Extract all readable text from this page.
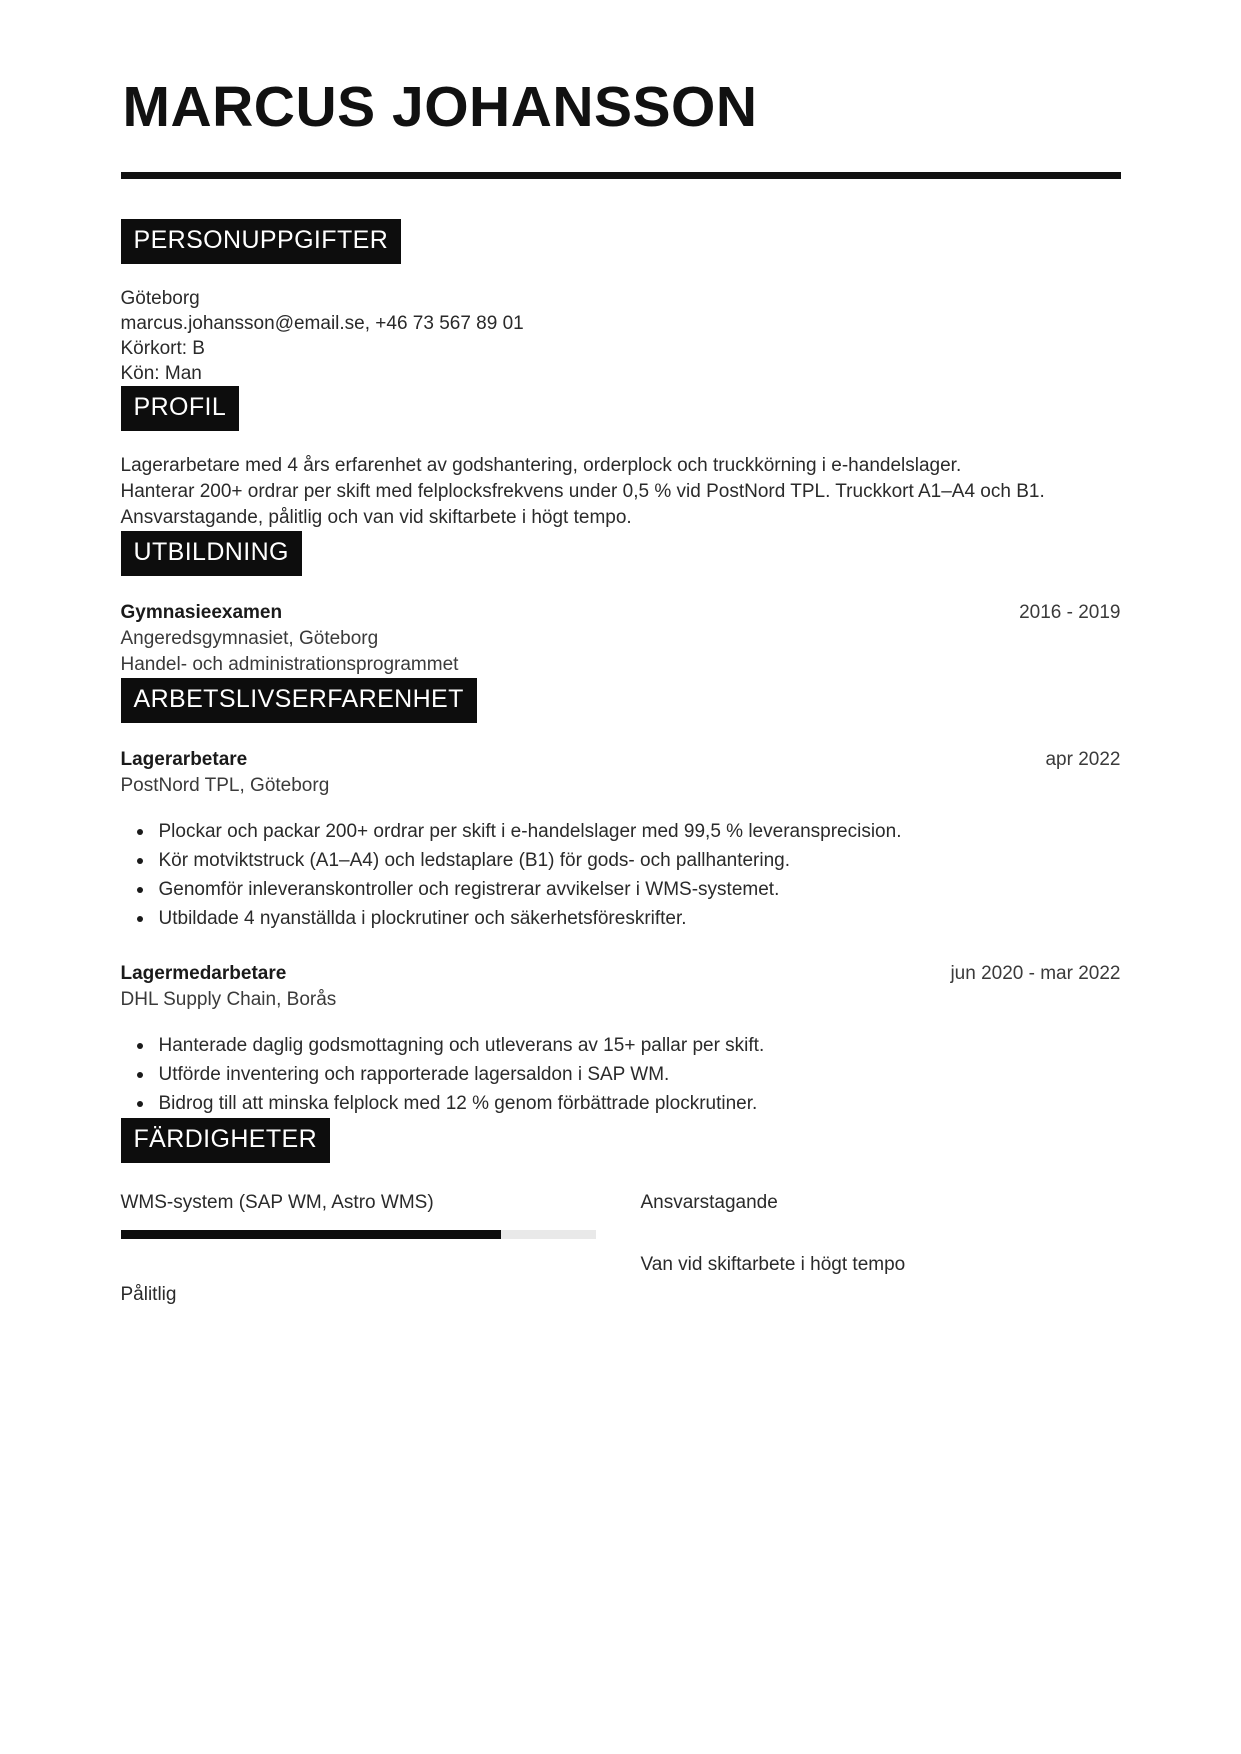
MARCUS JOHANSSON
PERSONUPPGIFTER
Göteborg
marcus.johansson@email.se, +46 73 567 89 01
Körkort: B
Kön: Man
PROFIL
Lagerarbetare med 4 års erfarenhet av godshantering, orderplock och truckkörning i e-handelslager.
Hanterar 200+ ordrar per skift med felplocksfrekvens under 0,5 % vid PostNord TPL. Truckkort A1–A4 och B1.
Ansvarstagande, pålitlig och van vid skiftarbete i högt tempo.
UTBILDNING
Gymnasieexamen	2016 - 2019
Angeredsgymnasiet, Göteborg
Handel- och administrationsprogrammet
ARBETSLIVSERFARENHET
Lagerarbetare	apr 2022
PostNord TPL, Göteborg
Plockar och packar 200+ ordrar per skift i e-handelslager med 99,5 % leveransprecision.
Kör motviktstruck (A1–A4) och ledstaplare (B1) för gods- och pallhantering.
Genomför inleveranskontroller och registrerar avvikelser i WMS-systemet.
Utbildade 4 nyanställda i plockrutiner och säkerhetsföreskrifter.
Lagermedarbetare	jun 2020 - mar 2022
DHL Supply Chain, Borås
Hanterade daglig godsmottagning och utleverans av 15+ pallar per skift.
Utförde inventering och rapporterade lagersaldon i SAP WM.
Bidrog till att minska felplock med 12 % genom förbättrade plockrutiner.
FÄRDIGHETER
WMS-system (SAP WM, Astro WMS)
Pålitlig
Ansvarstagande
Van vid skiftarbete i högt tempo
